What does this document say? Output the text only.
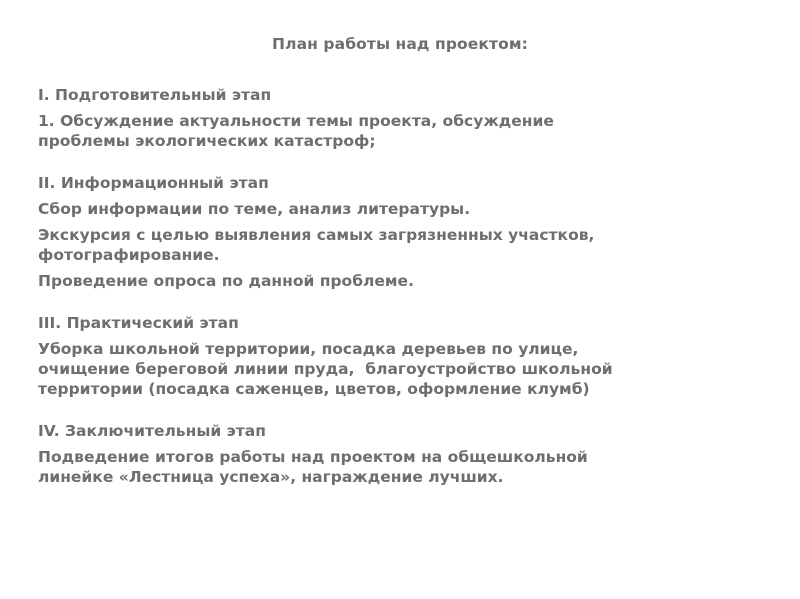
План работы над проектом:
I. Подготовительный этап
1. Обсуждение актуальности темы проекта, обсуждение
проблемы экологических катастроф;
II. Информационный этап
Сбор информации по теме, анализ литературы.
Экскурсия с целью выявления самых загрязненных участков,
фотографирование.
Проведение опроса по данной проблеме.
III. Практический этап
Уборка школьной территории, посадка деревьев по улице,
очищение береговой линии пруда,  благоустройство школьной
территории (посадка саженцев, цветов, оформление клумб)
IV. Заключительный этап
Подведение итогов работы над проектом на общешкольной
линейке «Лестница успеха», награждение лучших.
